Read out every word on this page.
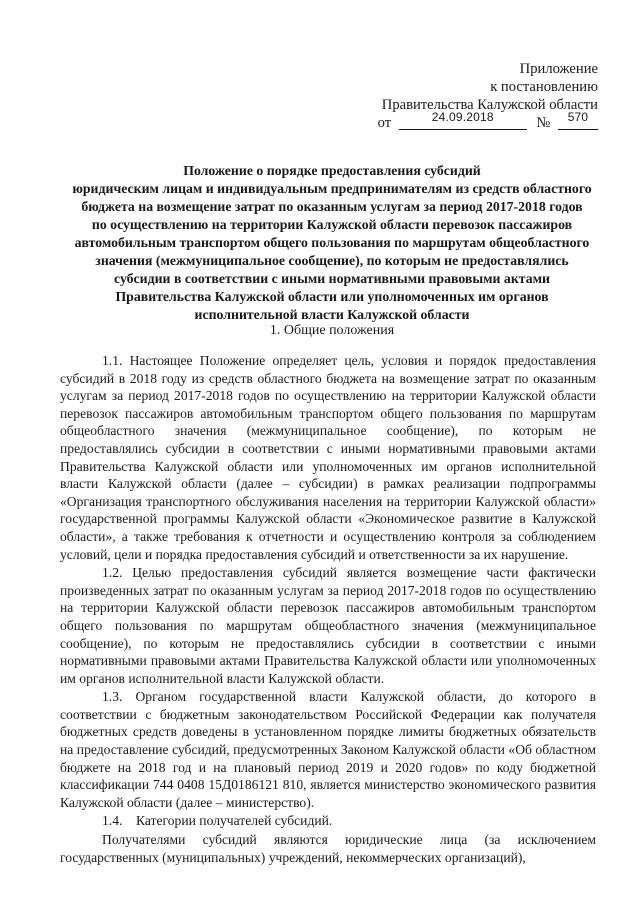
Приложение
к постановлению
Правительства Калужской области
от	$^{24.09.2018}$	№ $^{570}$
Положение о порядке предоставления субсидий
юридическим лицам и индивидуальным предпринимателям из средств областного
бюджета на возмещение затрат по оказанным услугам за период 2017-2018 годов
по осуществлению на территории Калужской области перевозок пассажиров
автомобильным транспортом общего пользования по маршрутам общеобластного
значения (межмуниципальное сообщение), по которым не предоставлялись
субсидии в соответствии с иными нормативными правовыми актами
Правительства Калужской области или уполномоченных им органов
исполнительной власти Калужской области
1. Общие положения

1.1. Настоящее Положение определяет цель, условия и порядок предоставления субсидий в 2018 году из средств областного бюджета на возмещение затрат по оказанным услугам за период 2017-2018 годов по осуществлению на территории Калужской области перевозок пассажиров автомобильным транспортом общего пользования по маршрутам общеобластного значения (межмуниципальное сообщение), по которым не предоставлялись субсидии в соответствии с иными нормативными правовыми актами Правительства Калужской области или уполномоченных им органов исполнительной власти Калужской области (далее – субсидии) в рамках реализации подпрограммы «Организация транспортного обслуживания населения на территории Калужской области» государственной программы Калужской области «Экономическое развитие в Калужской области», а также требования к отчетности и осуществлению контроля за соблюдением условий, цели и порядка предоставления субсидий и ответственности за их нарушение.

1.2. Целью предоставления субсидий является возмещение части фактически произведенных затрат по оказанным услугам за период 2017-2018 годов по осуществлению на территории Калужской области перевозок пассажиров автомобильным транспортом общего пользования по маршрутам общеобластного значения (межмуниципальное сообщение), по которым не предоставлялись субсидии в соответствии с иными нормативными правовыми актами Правительства Калужской области или уполномоченных им органов исполнительной власти Калужской области.

1.3. Органом государственной власти Калужской области, до которого в соответствии с бюджетным законодательством Российской Федерации как получателя бюджетных средств доведены в установленном порядке лимиты бюджетных обязательств на предоставление субсидий, предусмотренных Законом Калужской области «Об областном бюджете на 2018 год и на плановый период 2019 и 2020 годов» по коду бюджетной классификации 744 0408 15Д0186121 810, является министерство экономического развития Калужской области (далее – министерство).

1.4.    Категории получателей субсидий.

Получателями субсидий являются юридические лица (за исключением государственных (муниципальных) учреждений, некоммерческих организаций),
